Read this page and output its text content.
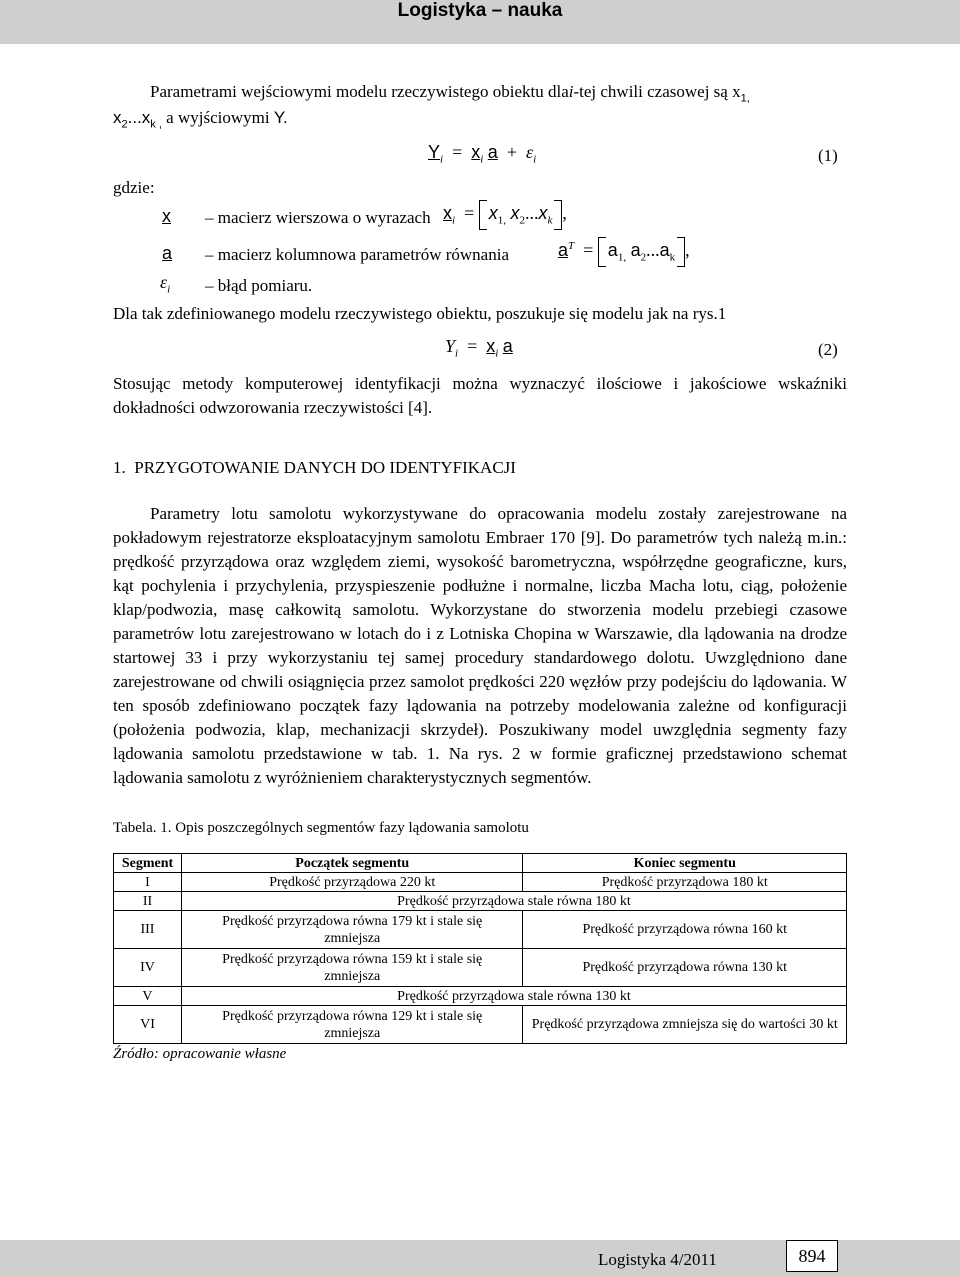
Logistyka – nauka
Parametrami wejściowymi modelu rzeczywistego obiektu dlai-tej chwili czasowej są $x_{1,}$
$x_2...x_{k ,}$ a wyjściowymi Y.
$Y_i = x_i$ $a + \varepsilon_i$	(1)
gdzie:
x – macierz wierszowa o wyrazach $x_i = x_{1,}$ $x_2...x_k$ ,
a – macierz kolumnowa parametrów równania	$a^T = a_{1,}$ $a_2...a_k$ ,
$\varepsilon_i$ – błąd pomiaru.
Dla tak zdefiniowanego modelu rzeczywistego obiektu, poszukuje się modelu jak na rys.1
$Y_i = x_i$ a	(2)
Stosując metody komputerowej identyfikacji można wyznaczyć ilościowe i jakościowe wskaźniki dokładności odwzorowania rzeczywistości [4].
1. PRZYGOTOWANIE DANYCH DO IDENTYFIKACJI
Parametry lotu samolotu wykorzystywane do opracowania modelu zostały zarejestrowane na pokładowym rejestratorze eksploatacyjnym samolotu Embraer 170 [9]. Do parametrów tych należą m.in.: prędkość przyrządowa oraz względem ziemi, wysokość barometryczna, współrzędne geograficzne, kurs, kąt pochylenia i przychylenia, przyspieszenie podłużne i normalne, liczba Macha lotu, ciąg, położenie klap/podwozia, masę całkowitą samolotu. Wykorzystane do stworzenia modelu przebiegi czasowe parametrów lotu zarejestrowano w lotach do i z Lotniska Chopina w Warszawie, dla lądowania na drodze startowej 33 i przy wykorzystaniu tej samej procedury standardowego dolotu. Uwzględniono dane zarejestrowane od chwili osiągnięcia przez samolot prędkości 220 węzłów przy podejściu do lądowania. W ten sposób zdefiniowano początek fazy lądowania na potrzeby modelowania zależne od konfiguracji (położenia podwozia, klap, mechanizacji skrzydeł). Poszukiwany model uwzględnia segmenty fazy lądowania samolotu przedstawione w tab. 1. Na rys. 2 w formie graficznej przedstawiono schemat lądowania samolotu z wyróżnieniem charakterystycznych segmentów.
Tabela. 1. Opis poszczególnych segmentów fazy lądowania samolotu
Segment	Początek segmentu	Koniec segmentu
I	Prędkość przyrządowa 220 kt	Prędkość przyrządowa 180 kt
II	Prędkość przyrządowa stale równa 180 kt	
III	Prędkość przyrządowa równa 179 kt i stale się zmniejsza	Prędkość przyrządowa równa 160 kt
IV	Prędkość przyrządowa równa 159 kt i stale się zmniejsza	Prędkość przyrządowa równa 130 kt
V	Prędkość przyrządowa stale równa 130 kt	
VI	Prędkość przyrządowa równa 129 kt i stale się zmniejsza	Prędkość przyrządowa zmniejsza się do wartości 30 kt
Źródło: opracowanie własne
Logistyka 4/2011	894
